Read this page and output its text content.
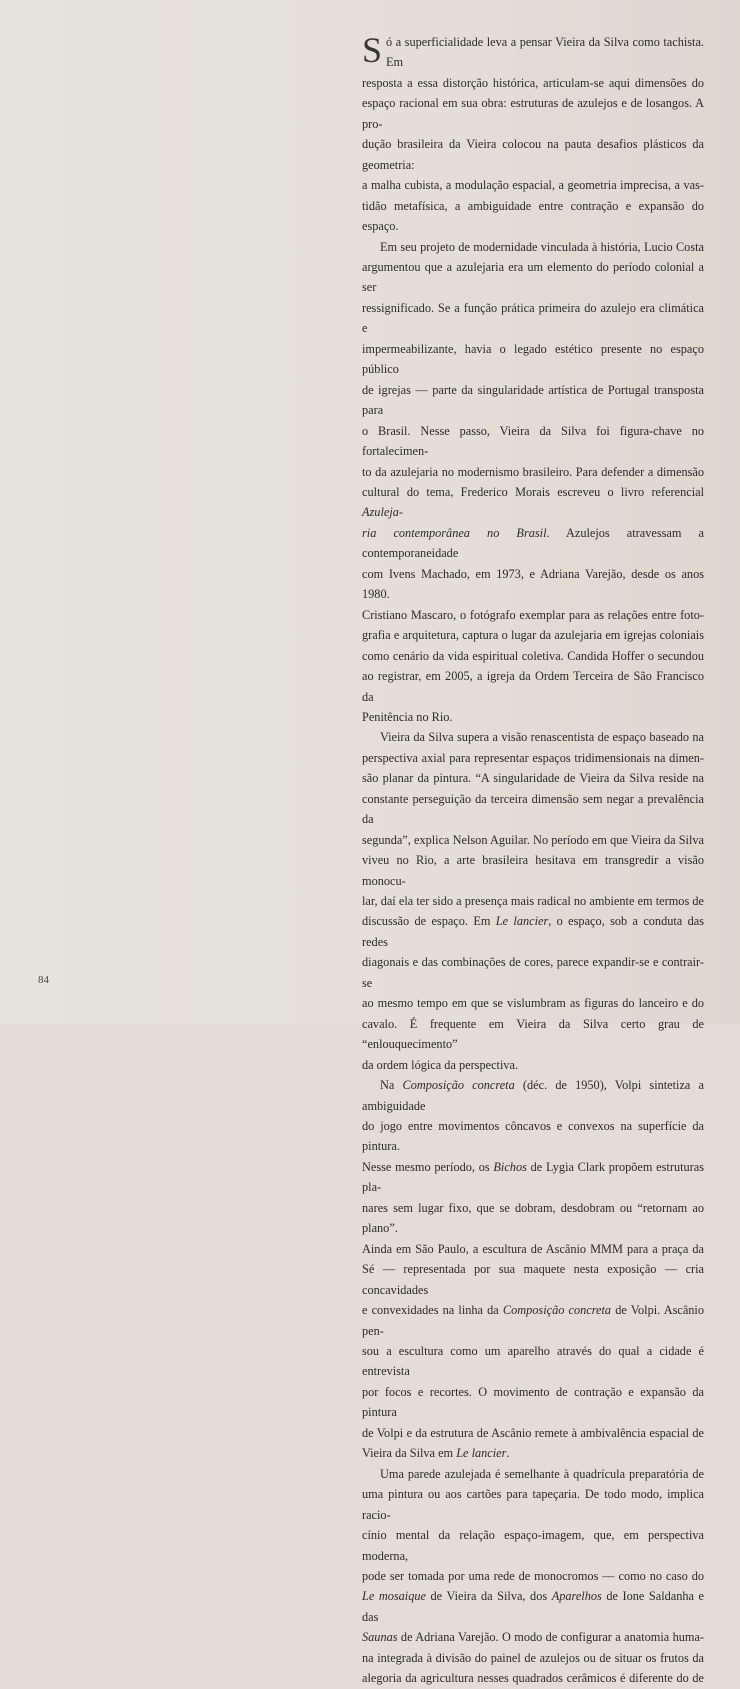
S ó a superficialidade leva a pensar Vieira da Silva como tachista. Em
resposta a essa distorção histórica, articulam-se aqui dimensões do
espaço racional em sua obra: estruturas de azulejos e de losangos. A pro-
dução brasileira da Vieira colocou na pauta desafios plásticos da geometria:
a malha cubista, a modulação espacial, a geometria imprecisa, a vas-
tidão metafísica, a ambiguidade entre contração e expansão do espaço.

Em seu projeto de modernidade vinculada à história, Lucio Costa
argumentou que a azulejaria era um elemento do período colonial a ser
ressignificado. Se a função prática primeira do azulejo era climática e
impermeabilizante, havia o legado estético presente no espaço público
de igrejas — parte da singularidade artística de Portugal transposta para
o Brasil. Nesse passo, Vieira da Silva foi figura-chave no fortalecimen-
to da azulejaria no modernismo brasileiro. Para defender a dimensão
cultural do tema, Frederico Morais escreveu o livro referencial Azuleja-
ria contemporânea no Brasil. Azulejos atravessam a contemporaneidade
com Ivens Machado, em 1973, e Adriana Varejão, desde os anos 1980.
Cristiano Mascaro, o fotógrafo exemplar para as relações entre foto-
grafia e arquitetura, captura o lugar da azulejaria em igrejas coloniais
como cenário da vida espiritual coletiva. Candida Hoffer o secundou
ao registrar, em 2005, a igreja da Ordem Terceira de São Francisco da
Penitência no Rio.

Vieira da Silva supera a visão renascentista de espaço baseado na
perspectiva axial para representar espaços tridimensionais na dimen-
são planar da pintura. “A singularidade de Vieira da Silva reside na
constante perseguição da terceira dimensão sem negar a prevalência da
segunda”, explica Nelson Aguilar. No período em que Vieira da Silva
viveu no Rio, a arte brasileira hesitava em transgredir a visão monocu-
lar, daí ela ter sido a presença mais radical no ambiente em termos de
discussão de espaço. Em Le lancier, o espaço, sob a conduta das redes
diagonais e das combinações de cores, parece expandir-se e contrair-se
ao mesmo tempo em que se vislumbram as figuras do lanceiro e do
cavalo. É frequente em Vieira da Silva certo grau de “enlouquecimento”
da ordem lógica da perspectiva.

Na Composição concreta (déc. de 1950), Volpi sintetiza a ambiguidade
do jogo entre movimentos côncavos e convexos na superfície da pintura.
Nesse mesmo período, os Bichos de Lygia Clark propõem estruturas pla-
nares sem lugar fixo, que se dobram, desdobram ou “retornam ao plano”.
Ainda em São Paulo, a escultura de Ascânio MMM para a praça da
Sé — representada por sua maquete nesta exposição — cria concavidades
e convexidades na linha da Composição concreta de Volpi. Ascânio pen-
sou a escultura como um aparelho através do qual a cidade é entrevista
por focos e recortes. O movimento de contração e expansão da pintura
de Volpi e da estrutura de Ascânio remete à ambivalência espacial de
Vieira da Silva em Le lancier.

Uma parede azulejada é semelhante à quadrícula preparatória de
uma pintura ou aos cartões para tapeçaria. De todo modo, implica racio-
cínio mental da relação espaço-imagem, que, em perspectiva moderna,
pode ser tomada por uma rede de monocromos — como no caso do
Le mosaique de Vieira da Silva, dos Aparelhos de Ione Saldanha e das
Saunas de Adriana Varejão. O modo de configurar a anatomia huma-
na integrada à divisão do painel de azulejos ou de situar os frutos da
alegoria da agricultura nesses quadrados cerâmicos é diferente do de

84
